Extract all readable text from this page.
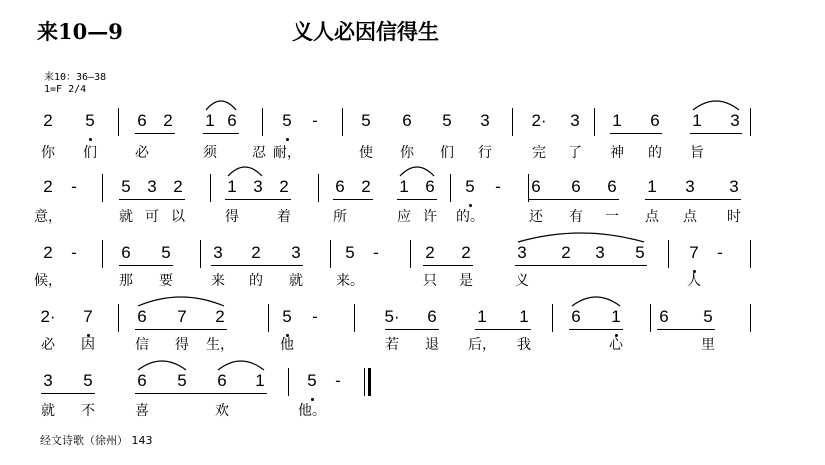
来10—9	义人必因信得生
来10：36—38
1=F 2/4
2 5	6 2 1 6	5 -	5 6 5 3 2· 3 1 6 1 3
你 们	必	须	忍 耐，	使 你 们 行	完 了 神 的 旨
2 -	5 3 2	1 3 2	6 2 1 6 5 - 6 6 6 1 3 3
意，	就 可 以	得	着	所	应 许 的。	还 有 一 点 点 时
2 -	6 5	3 2 3	5 -	2 2	3 2 3 5	7 -
候，	那 要	来 的 就 来。	只 是	义	人
2· 7	6 7 2	5 -	5· 6 1 1	6 1 6 5
必 因	信 得 生，	他	若 退 后， 我	心	里
3 5	6 5 6 1	5 -
就 不	喜	欢	他。
经文诗歌（徐州） 143
